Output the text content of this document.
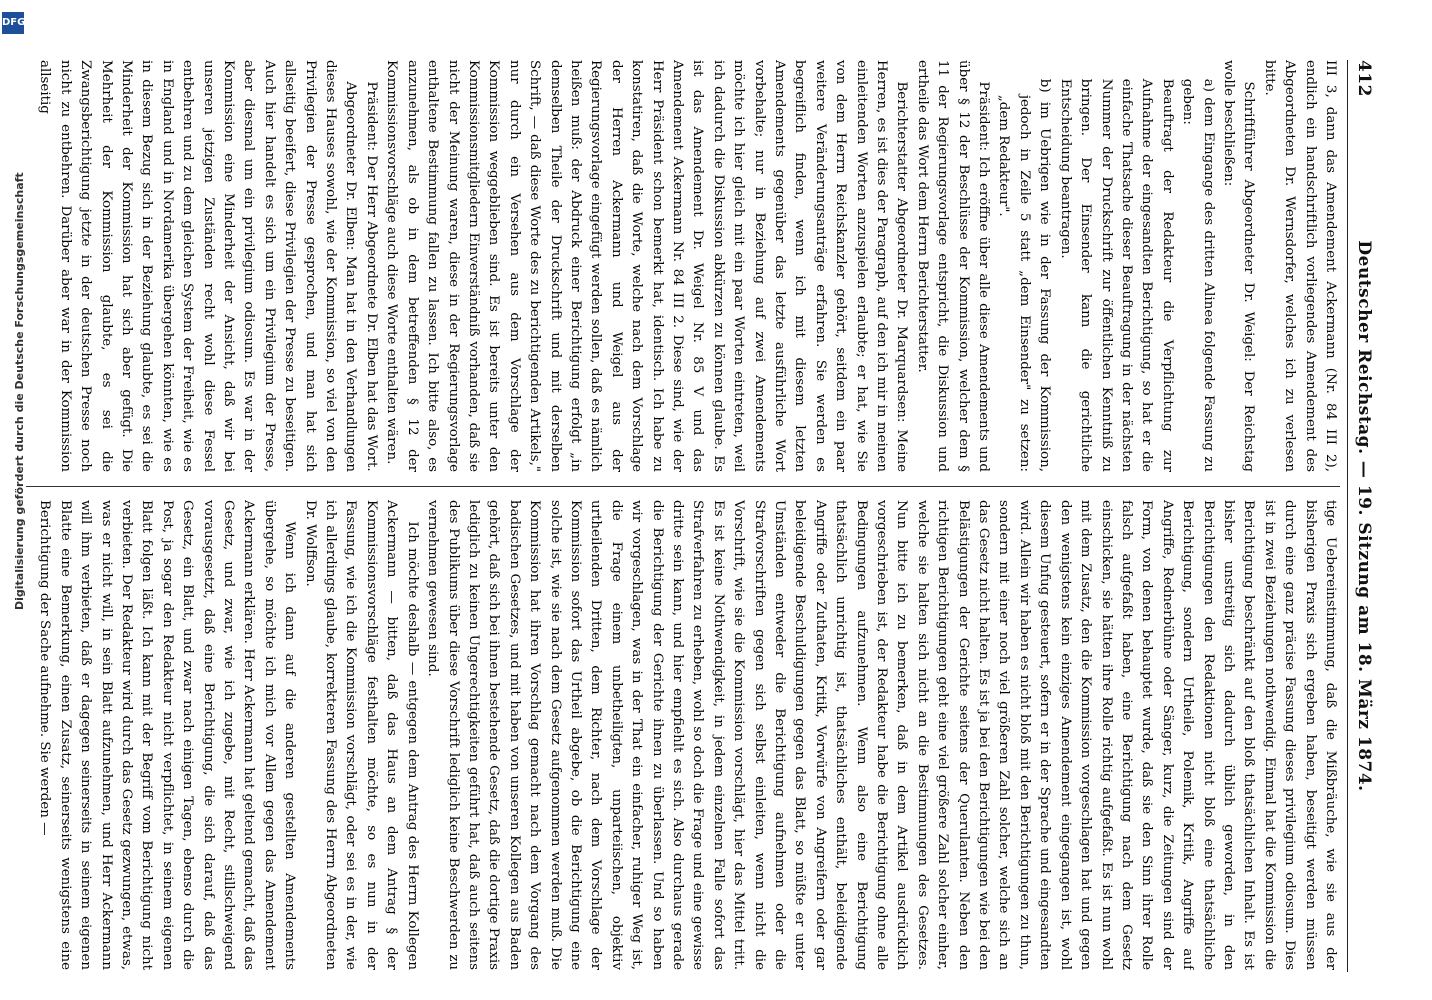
412
Deutscher Reichstag. — 19. Sitzung am 18. März 1874.

III 3, dann das Amendement Ackermann (Nr. 84 III 2), endlich ein handschriftlich vorliegendes Amendement des Abgeordneten Dr. Wernsdorfer, welches ich zu verlesen bitte.

Schriftführer Abgeordneter Dr. Weigel: Der Reichstag wolle beschließen:

a) dem Eingange des dritten Alinea folgende Fassung zu geben:

Beauftragt der Redakteur die Verpflichtung zur Aufnahme der eingesandten Berichtigung, so hat er die einfache Thatsache dieser Beauftragung in der nächsten Nummer der Druckschrift zur öffentlichen Kenntniß zu bringen. Der Einsender kann die gerichtliche Entscheidung beantragen.

b) im Uebrigen wie in der Fassung der Kommission, jedoch in Zeile 5 statt „dem Einsender" zu setzen: „dem Redakteur".

Präsident: Ich eröffne über alle diese Amendements und über § 12 der Beschlüsse der Kommission, welcher dem § 11 der Regierungsvorlage entspricht, die Diskussion und ertheile das Wort dem Herrn Berichterstatter.

Berichterstatter Abgeordneter Dr. Marquardsen: Meine Herren, es ist dies der Paragraph, auf den ich mir in meinen einleitenden Worten anzuspielen erlaubte; er hat, wie Sie von dem Herrn Reichskanzler gehört, seitdem ein paar weitere Veränderungsanträge erfahren. Sie werden es begreiflich finden, wenn ich mit diesem letzten Amendements gegenüber das letzte ausführliche Wort vorbehalte; nur in Beziehung auf zwei Amendements möchte ich hier gleich mit ein paar Worten eintreten, weil ich dadurch die Diskussion abkürzen zu können glaube. Es ist das Amendement Dr. Weigel Nr. 85 V und das Amendement Ackermann Nr. 84 III 2. Diese sind, wie der Herr Präsident schon bemerkt hat, identisch. Ich habe zu konstatiren, daß die Worte, welche nach dem Vorschlage der Herren Ackermann und Weigel aus der Regierungsvorlage eingefügt werden sollen, daß es nämlich heißen muß: der Abdruck einer Berichtigung erfolgt „in demselben Theile der Druckschrift und mit derselben Schrift, — daß diese Worte des zu berichtigenden Artikels," nur durch ein Versehen aus dem Vorschlage der Kommission weggeblieben sind. Es ist bereits unter den Kommissionsmitgliedern Einverständniß vorhanden, daß sie nicht der Meinung waren, diese in der Regierungsvorlage enthaltene Bestimmung fallen zu lassen. Ich bitte also, es anzunehmen, als ob in dem betreffenden § 12 der Kommissionsvorschläge auch diese Worte enthalten wären.

Präsident: Der Herr Abgeordnete Dr. Elben hat das Wort.

Abgeordneter Dr. Elben: Man hat in den Verhandlungen dieses Hauses sowohl, wie der Kommission, so viel von den Privilegien der Presse gesprochen, und man hat sich allseitig beeifert, diese Privilegien der Presse zu beseitigen. Auch hier handelt es sich um ein Privilegium der Presse, aber diesmal um ein privilegium odiosum. Es war in der Kommission eine Minderheit der Ansicht, daß wir bei unseren jetzigen Zuständen recht wohl diese Fessel entbehren und zu dem gleichen System der Freiheit, wie es in England und in Nordamerika übergehen könnten, wie es in diesem Bezug sich in der Beziehung glaubte, es sei die Minderheit der Kommission hat sich aber gefügt. Die Mehrheit der Kommission glaubte, es sei die Zwangsberichtigung jetzte in der deutschen Presse noch nicht zu entbehren. Darüber aber war in der Kommission allseitig

tige Uebereinstimmung, daß die Mißbräuche, wie sie aus der bisherigen Praxis sich ergeben haben, beseitigt werden müssen durch eine ganz präcise Fassung dieses privilegium odiosum. Dies ist in zwei Beziehungen nothwendig. Einmal hat die Kommission die Berichtigung beschränkt auf den bloß thatsächlichen Inhalt. Es ist bisher unstreitig sich dadurch üblich geworden, in den Berichtigungen den Redaktionen nicht bloß eine thatsächliche Berichtigung, sondern Urtheile, Polemik, Kritik, Angriffe auf Angriffe, Rednerbühne oder Sänger, kurz, die Zeitungen sind der Form, von denen behauptet wurde, daß sie den Sinn ihrer Rolle falsch aufgefaßt haben, eine Berichtigung nach dem Gesetz einschicken, sie hätten ihre Rolle richtig aufgefaßt. Es ist nun wohl mit dem Zusatz, den die Kommission vorgeschlagen hat und gegen den wenigstens kein einziges Amendement eingegangen ist, wohl diesem Unfug gesteuert, sofern er in der Sprache und eingesandten wird. Allein wir haben es nicht bloß mit den Berichtigungen zu thun, sondern mit einer noch viel größeren Zahl solcher, welche sich an das Gesetz nicht halten. Es ist ja bei den Berichtigungen wie bei den Belästigungen der Gerichte seitens der Querulanten. Neben den richtigen Berichtigungen geht eine viel größere Zahl solcher einher, welche sie halten sich nicht an die Bestimmungen des Gesetzes. Nun bitte ich zu bemerken, daß in dem Artikel ausdrücklich vorgeschrieben ist, der Redakteur habe die Berichtigung ohne alle Bedingungen aufzunehmen. Wenn also eine Berichtigung thatsächlich unrichtig ist, thatsächliches enthält, beleidigende Angriffe oder Zuthaten, Kritik, Vorwürfe von Angreifern oder gar beleidigende Beschuldigungen gegen das Blatt, so müßte er unter Umständen entweder die Berichtigung aufnehmen oder die Strafvorschriften gegen sich selbst einleiten, wenn nicht die Vorschrift, wie sie die Kommission vorschlägt, hier das Mittel tritt. Es ist keine Nothwendigkeit, in jedem einzelnen Falle sofort das Strafverfahren zu erheben, wohl so doch die Frage und eine gewisse dritte sein kann, und hier empfiehlt es sich. Also durchaus gerade die Berichtigung der Gerichte ihnen zu überlassen. Und so haben wir vorgeschlagen, was in der That ein einfacher, ruhiger Weg ist, die Frage einem unbetheiligten, unparteiischen, objektiv urtheilenden Dritten, dem Richter, nach dem Vorschlage der Kommission sofort das Urtheil abgebe, ob die Berichtigung eine solche ist, wie sie nach dem Gesetz aufgenommen werden muß. Die Kommission hat ihren Vorschlag gemacht nach dem Vorgang des badischen Gesetzes, und mit haben von unseren Kollegen aus Baden gehört, daß sich bei ihnen bestehende Gesetz, daß die dortige Praxis lediglich zu keinen Ungerechtigkeiten geführt hat, daß auch seitens des Publikums über diese Vorschrift lediglich keine Beschwerden zu vernehmen gewesen sind.

Ich möchte deshalb — entgegen dem Antrag des Herrn Kollegen Ackermann — bitten, daß das Haus an dem Antrag § der Kommissionsvorschläge festhalten möchte, so es nun in der Fassung, wie ich die Kommission vorschlägt, oder sei es in der, wie ich allerdings glaube, korrekteren Fassung des Herrn Abgeordneten Dr. Wolffson.

Wenn ich dann auf die anderen gestellten Amendements übergehe, so möchte ich mich vor Allem gegen das Amendement Ackermann erklären. Herr Ackermann hat geltend gemacht, daß das Gesetz, und zwar, wie ich zugebe, mit Recht, stillschweigend vorausgesetzt, daß eine Berichtigung, die sich darauf, daß das Gesetz, ein Blatt, und zwar nach einigen Tagen, ebenso durch die Post, ja sogar den Redakteur nicht verpflichtet, in seinem eigenen Blatt folgen läßt. Ich kann mit der Begriff vom Berichtigung nicht verbieten. Der Redakteur wird durch das Gesetz gezwungen, etwas, was er nicht will, in sein Blatt aufzunehmen, und Herr Ackermann will ihm verbieten, daß er dagegen seinerseits in seinem eigenen Blatte eine Bemerkung, einen Zusatz, seinerseits wenigstens eine Berichtigung der Sache aufnehme. Sie werden —

DFG
Digitalisierung gefördert durch die Deutsche Forschungsgemeinschaft
